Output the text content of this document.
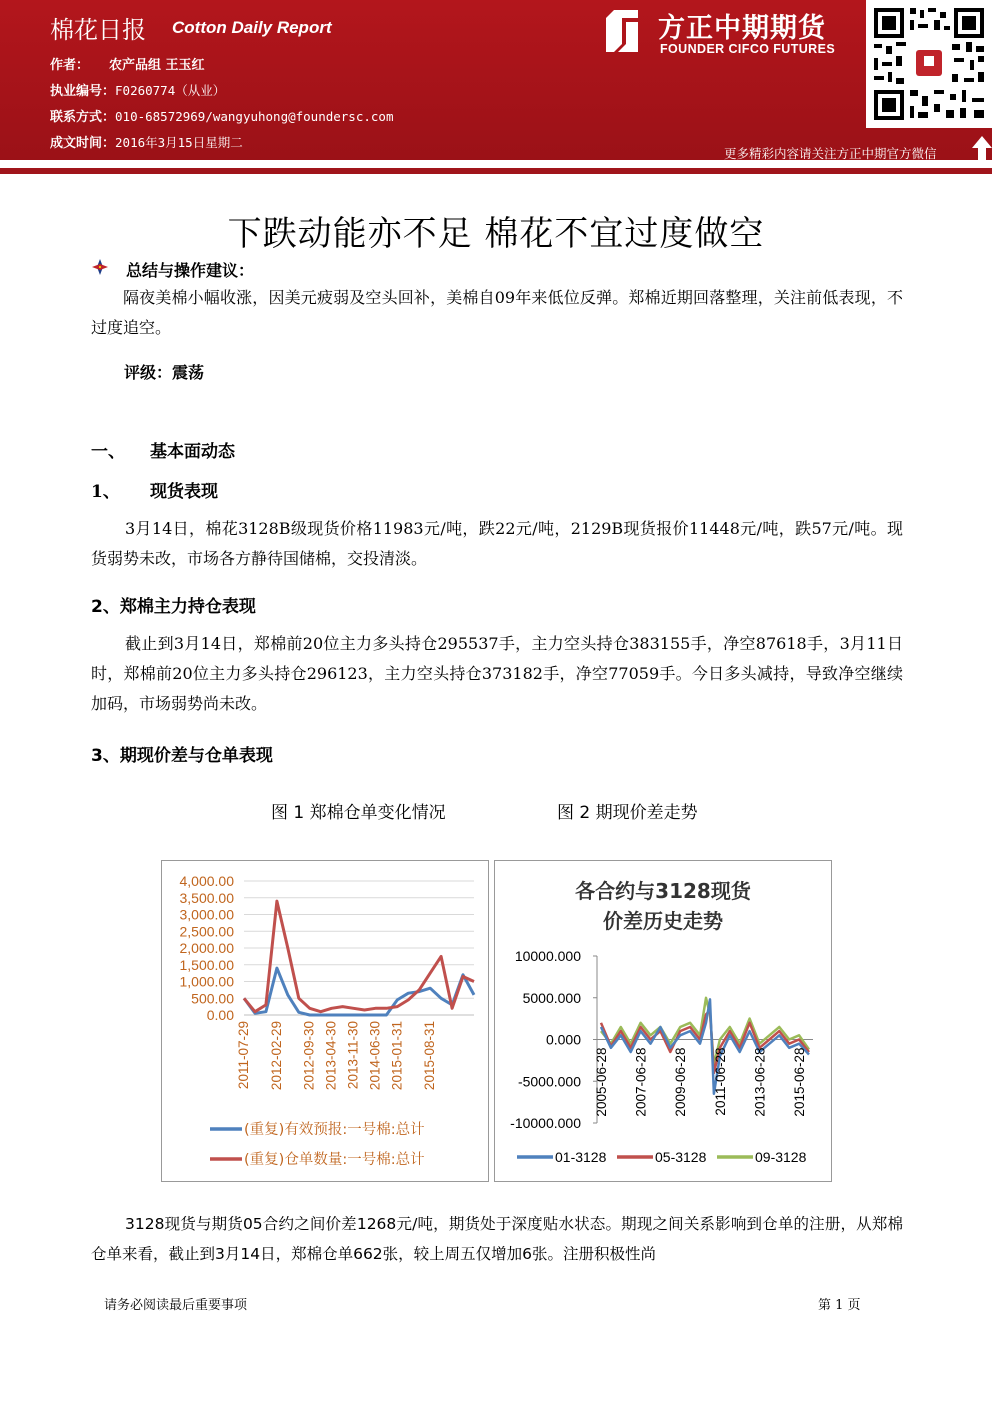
棉花日报 Cotton Daily Report
作者： 农产品组 王玉红
执业编号：F0260774（从业）
联系方式：010-68572969/wangyuhong@foundersc.com
成文时间：2016年3月15日星期二
方正中期期货
FOUNDER CIFCO FUTURES
更多精彩内容请关注方正中期官方微信
下跌动能亦不足 棉花不宜过度做空
总结与操作建议：
隔夜美棉小幅收涨，因美元疲弱及空头回补，美棉自09年来低位反弹。郑棉近期回落整理，关注前低表现，不过度追空。
评级：震荡
一、 基本面动态
1、 现货表现
3月14日，棉花3128B级现货价格11983元/吨，跌22元/吨，2129B现货报价11448元/吨，跌57元/吨。现货弱势未改，市场各方静待国储棉，交投清淡。
2、郑棉主力持仓表现
截止到3月14日，郑棉前20位主力多头持仓295537手，主力空头持仓383155手，净空87618手，3月11日时，郑棉前20位主力多头持仓296123，主力空头持仓373182手，净空77059手。今日多头减持，导致净空继续加码，市场弱势尚未改。
3、期现价差与仓单表现
图 1 郑棉仓单变化情况	图 2 期现价差走势
4,000.00
3,500.00
3,000.00
2,500.00
2,000.00
1,500.00
1,000.00
500.00
0.00
2011-07-29 2012-02-29 2012-09-30 2013-04-30 2013-11-30 2014-06-30 2015-01-31 2015-08-31
(重复)有效预报:一号棉:总计
(重复)仓单数量:一号棉:总计
各合约与3128现货
价差历史走势
10000.000
5000.000
0.000
-5000.000
-10000.000
2005-06-28 2007-06-28 2009-06-28 2011-06-28 2013-06-28 2015-06-28
01-3128	05-3128	09-3128
3128现货与期货05合约之间价差1268元/吨，期货处于深度贴水状态。期现之间关系影响到仓单的注册，从郑棉仓单来看，截止到3月14日，郑棉仓单662张，较上周五仅增加6张。注册积极性尚
请务必阅读最后重要事项	第 1 页
